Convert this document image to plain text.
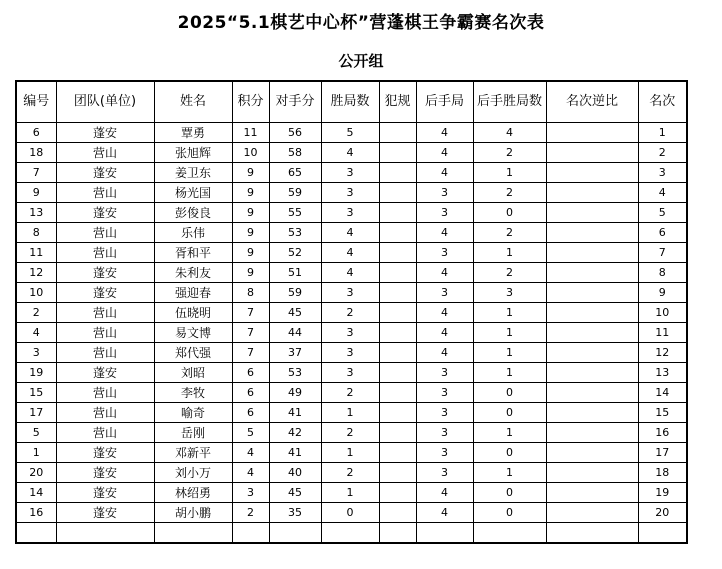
2025“5.1棋艺中心杯”营蓬棋王争霸赛名次表
公开组
编号	团队(单位)	姓名	积分	对手分	胜局数	犯规	后手局	后手胜局数	名次逆比	名次
6	蓬安	覃勇	11	56	5		4	4		1
18	营山	张旭辉	10	58	4		4	2		2
7	蓬安	姜卫东	9	65	3		4	1		3
9	营山	杨光国	9	59	3		3	2		4
13	蓬安	彭俊良	9	55	3		3	0		5
8	营山	乐伟	9	53	4		4	2		6
11	营山	胥和平	9	52	4		3	1		7
12	蓬安	朱利友	9	51	4		4	2		8
10	蓬安	强迎春	8	59	3		3	3		9
2	营山	伍晓明	7	45	2		4	1		10
4	营山	易文博	7	44	3		4	1		11
3	营山	郑代强	7	37	3		4	1		12
19	蓬安	刘昭	6	53	3		3	1		13
15	营山	李牧	6	49	2		3	0		14
17	营山	喻奇	6	41	1		3	0		15
5	营山	岳刚	5	42	2		3	1		16
1	蓬安	邓新平	4	41	1		3	0		17
20	蓬安	刘小万	4	40	2		3	1		18
14	蓬安	林绍勇	3	45	1		4	0		19
16	蓬安	胡小鹏	2	35	0		4	0		20
